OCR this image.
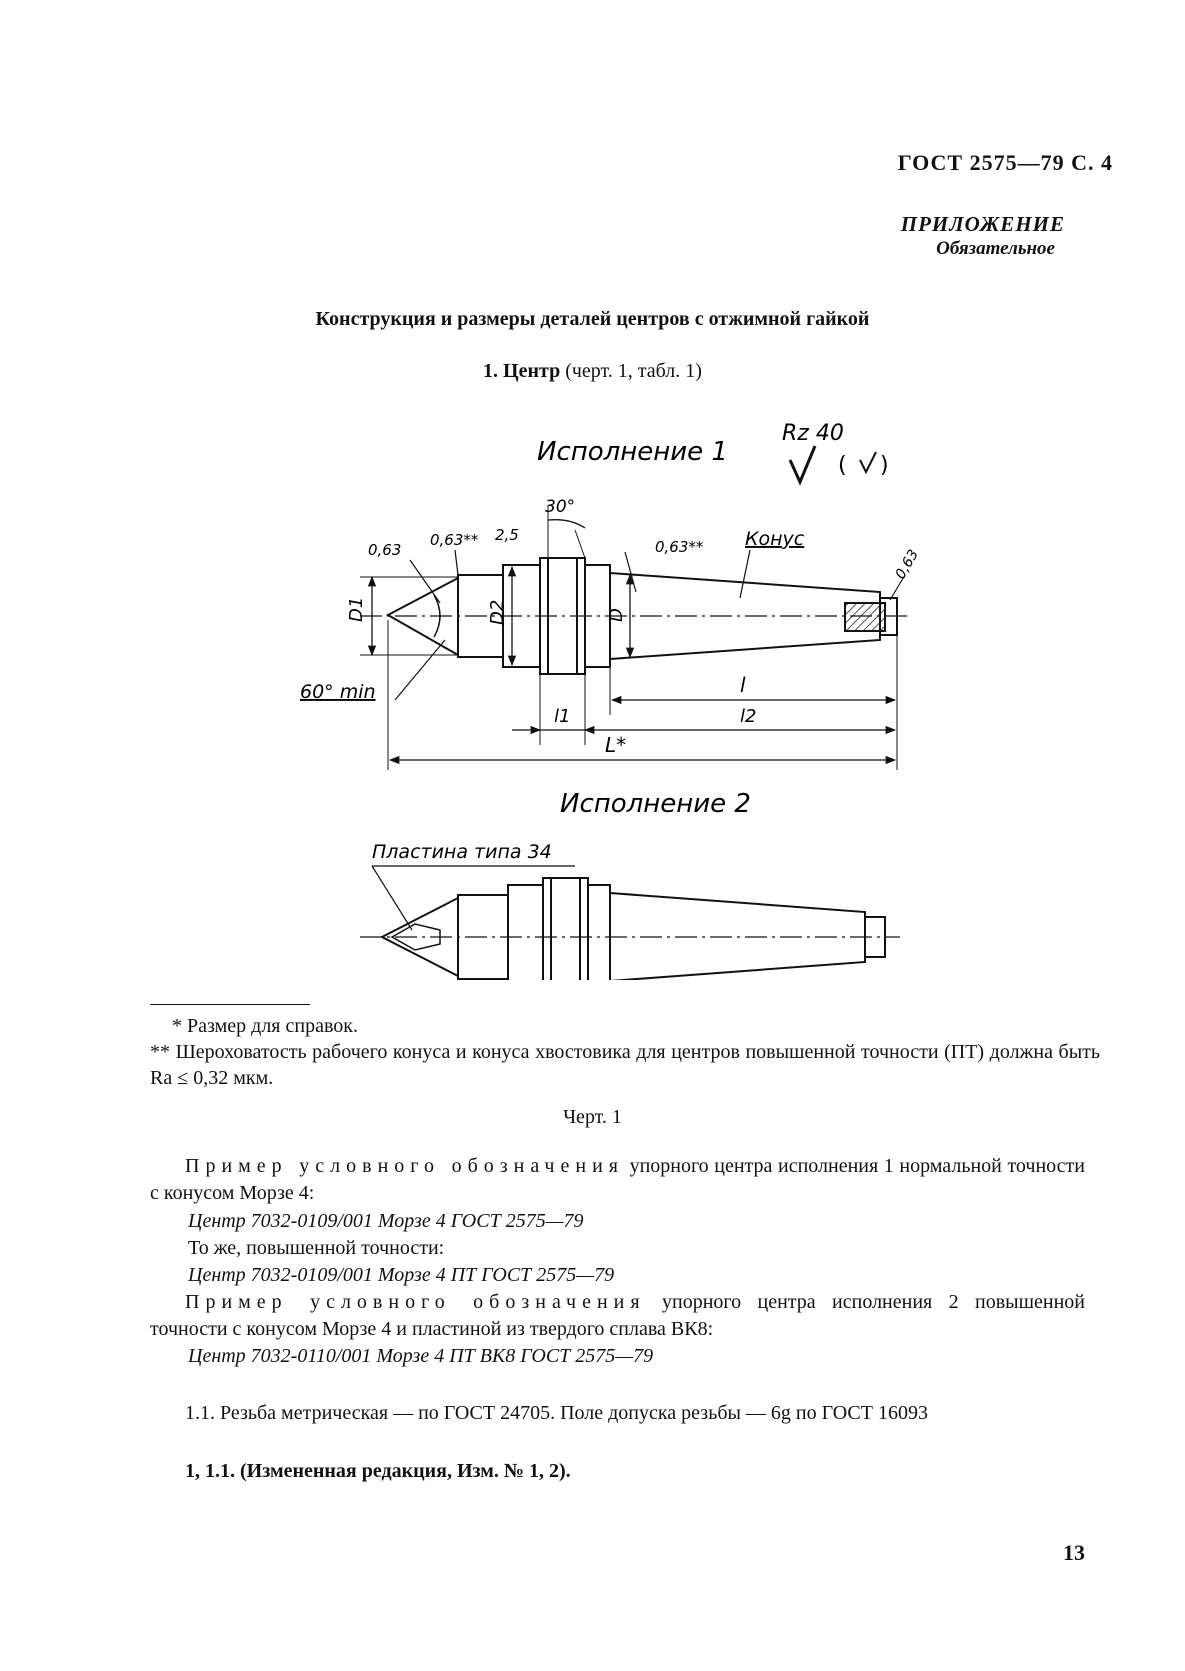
ГОСТ 2575—79 С. 4
ПРИЛОЖЕНИЕ
Обязательное
Конструкция и размеры деталей центров с отжимной гайкой
1. Центр (черт. 1, табл. 1)
Исполнение 1
Rz 40
( )
0,63
0,63** 2,5
30°
0,63** Конус
0,63
D1	D2	D
60° min	l
l1	l2
L*
Исполнение 2
Пластина типа 34
* Размер для справок.
** Шероховатость рабочего конуса и конуса хвостовика для центров повышенной точности (ПТ) должна быть Ra ≤ 0,32 мкм.
Черт. 1
Пример условного обозначения упорного центра исполнения 1 нормальной точности с конусом Морзе 4:
Центр 7032-0109/001 Морзе 4 ГОСТ 2575—79
То же, повышенной точности:
Центр 7032-0109/001 Морзе 4 ПТ ГОСТ 2575—79
Пример условного обозначения упорного центра исполнения 2 повышенной точности с конусом Морзе 4 и пластиной из твердого сплава ВК8:
Центр 7032-0110/001 Морзе 4 ПТ ВК8 ГОСТ 2575—79
1.1. Резьба метрическая — по ГОСТ 24705. Поле допуска резьбы — 6g по ГОСТ 16093
1, 1.1. (Измененная редакция, Изм. № 1, 2).
13
